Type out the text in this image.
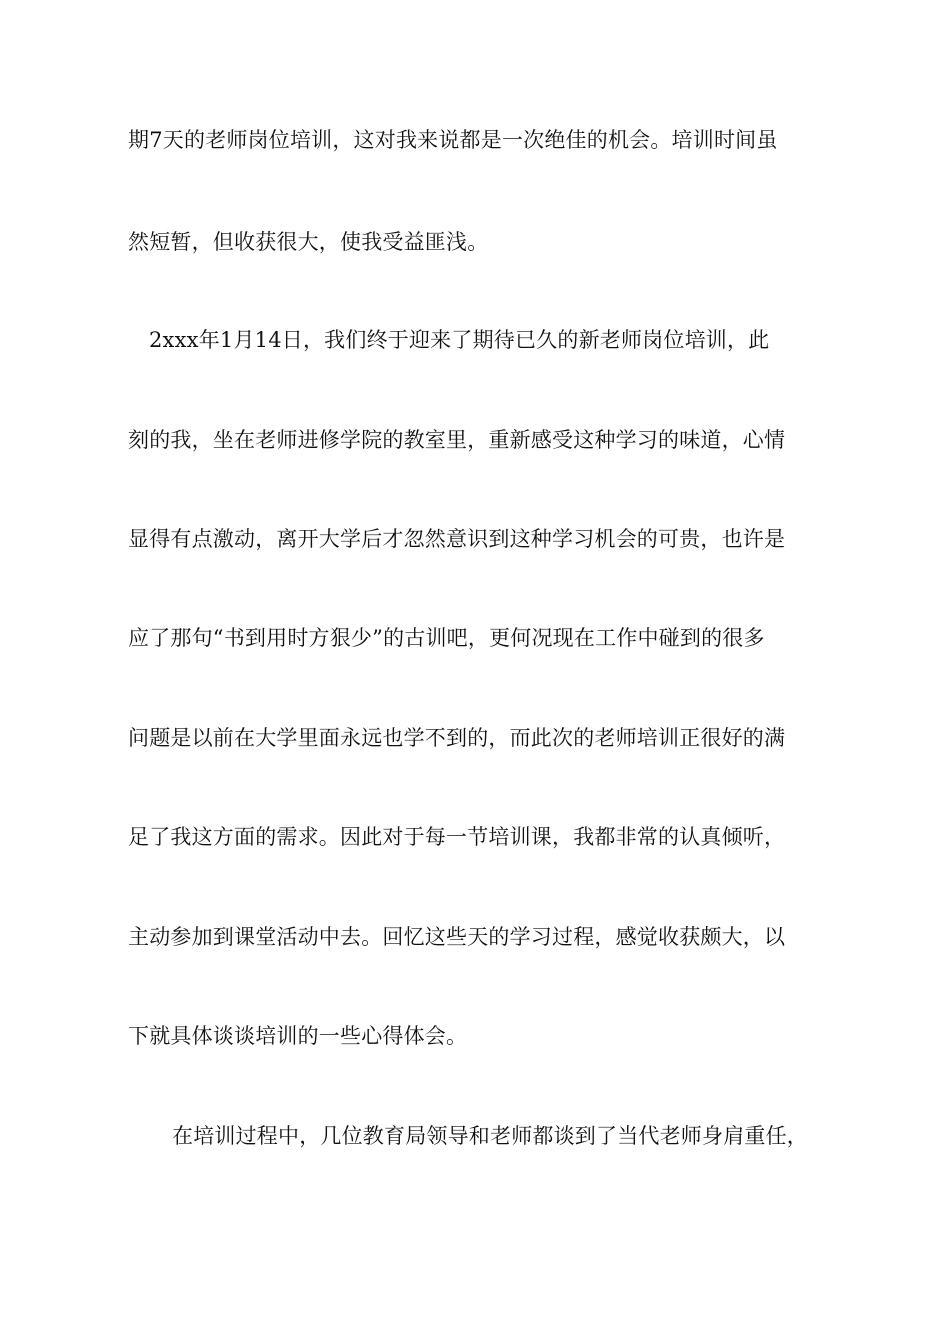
期7天的老师岗位培训，这对我来说都是一次绝佳的机会。培训时间虽
然短暂，但收获很大，使我受益匪浅。
2xxx年1月14日，我们终于迎来了期待已久的新老师岗位培训，此
刻的我，坐在老师进修学院的教室里，重新感受这种学习的味道，心情
显得有点激动，离开大学后才忽然意识到这种学习机会的可贵，也许是
应了那句“书到用时方狠少”的古训吧，更何况现在工作中碰到的很多
问题是以前在大学里面永远也学不到的，而此次的老师培训正很好的满
足了我这方面的需求。因此对于每一节培训课，我都非常的认真倾听，
主动参加到课堂活动中去。回忆这些天的学习过程，感觉收获颇大，以
下就具体谈谈培训的一些心得体会。
在培训过程中，几位教育局领导和老师都谈到了当代老师身肩重任，
